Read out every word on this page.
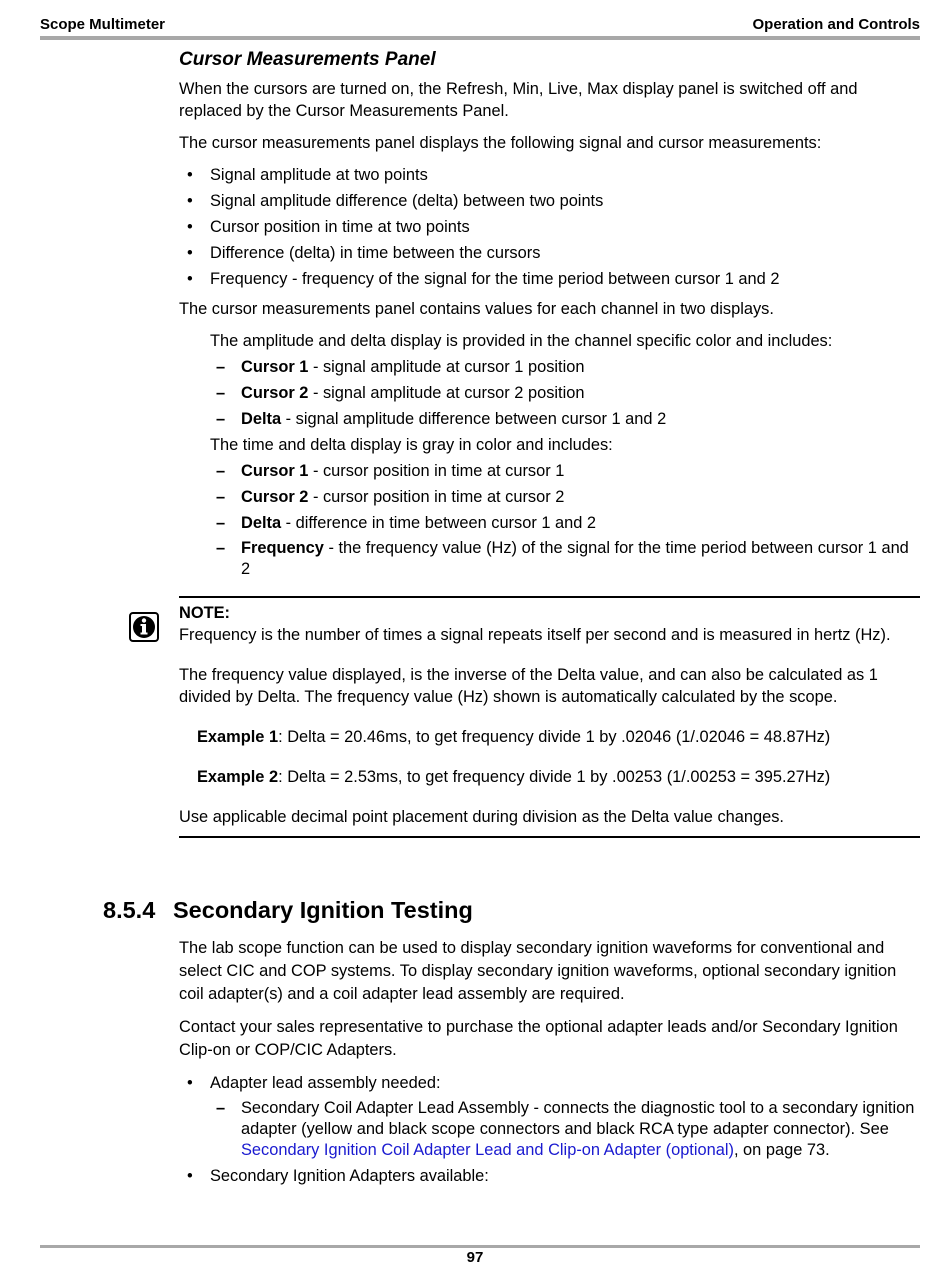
Scope Multimeter	Operation and Controls
Cursor Measurements Panel

When the cursors are turned on, the Refresh, Min, Live, Max display panel is switched off and replaced by the Cursor Measurements Panel.

The cursor measurements panel displays the following signal and cursor measurements:

• Signal amplitude at two points
• Signal amplitude difference (delta) between two points
• Cursor position in time at two points
• Difference (delta) in time between the cursors
• Frequency - frequency of the signal for the time period between cursor 1 and 2

The cursor measurements panel contains values for each channel in two displays.

The amplitude and delta display is provided in the channel specific color and includes:
– Cursor 1 - signal amplitude at cursor 1 position
– Cursor 2 - signal amplitude at cursor 2 position
– Delta - signal amplitude difference between cursor 1 and 2
The time and delta display is gray in color and includes:
– Cursor 1 - cursor position in time at cursor 1
– Cursor 2 - cursor position in time at cursor 2
– Delta - difference in time between cursor 1 and 2
– Frequency - the frequency value (Hz) of the signal for the time period between cursor 1 and 2
NOTE:

Frequency is the number of times a signal repeats itself per second and is measured in hertz (Hz).

The frequency value displayed, is the inverse of the Delta value, and can also be calculated as 1 divided by Delta. The frequency value (Hz) shown is automatically calculated by the scope.

Example 1: Delta = 20.46ms, to get frequency divide 1 by .02046 (1/.02046 = 48.87Hz)
Example 2: Delta = 2.53ms, to get frequency divide 1 by .00253 (1/.00253 = 395.27Hz)

Use applicable decimal point placement during division as the Delta value changes.

8.5.4 Secondary Ignition Testing

The lab scope function can be used to display secondary ignition waveforms for conventional and select CIC and COP systems. To display secondary ignition waveforms, optional secondary ignition coil adapter(s) and a coil adapter lead assembly are required.

Contact your sales representative to purchase the optional adapter leads and/or Secondary Ignition Clip-on or COP/CIC Adapters.

• Adapter lead assembly needed:
– Secondary Coil Adapter Lead Assembly - connects the diagnostic tool to a secondary ignition adapter (yellow and black scope connectors and black RCA type adapter connector). See Secondary Ignition Coil Adapter Lead and Clip-on Adapter (optional), on page 73.
• Secondary Ignition Adapters available:
97
